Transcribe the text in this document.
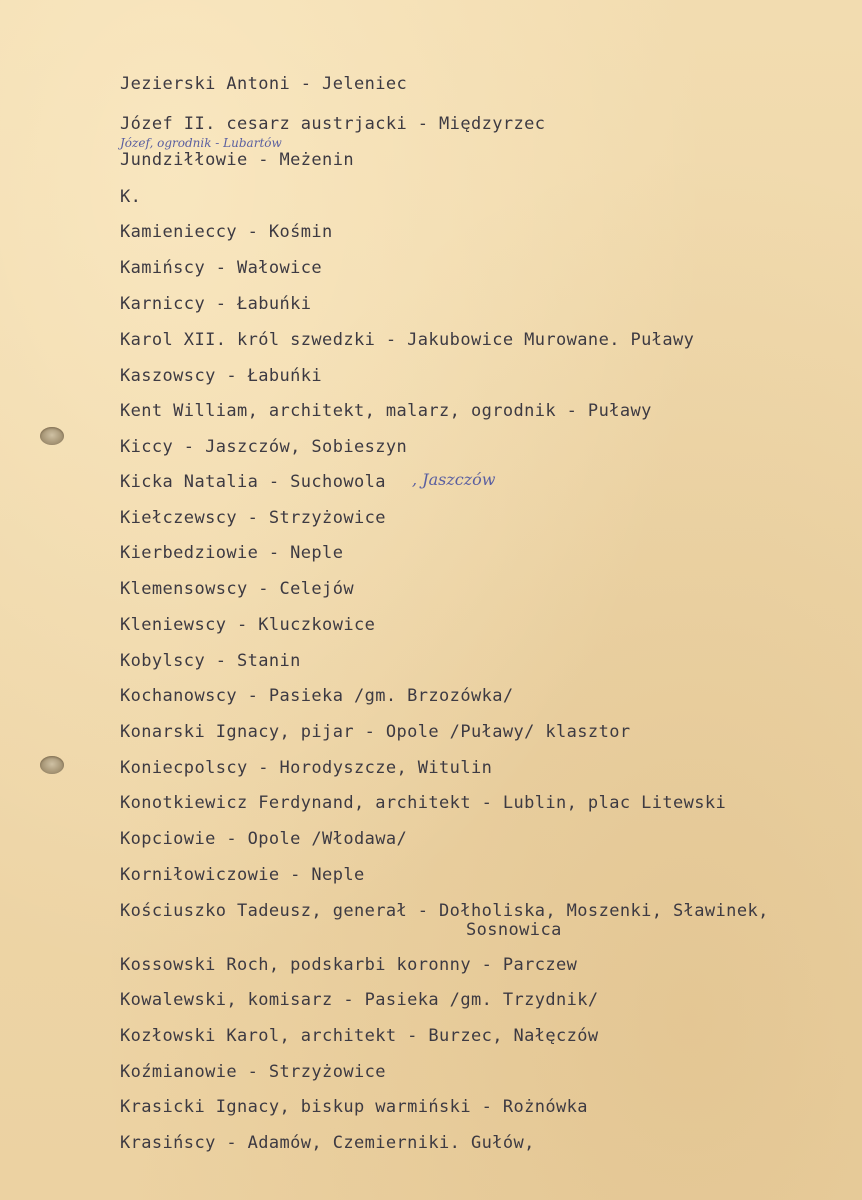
Jezierski Antoni - Jeleniec
Józef II. cesarz austrjacki - Międzyrzec
Józef, ogrodnik - Lubartów
Jundziłłowie - Meżenin
K.
Kamienieccy - Kośmin
Kamińscy - Wałowice
Karniccy - Łabuńki
Karol XII. król szwedzki - Jakubowice Murowane. Puławy
Kaszowscy - Łabuńki
Kent William, architekt, malarz, ogrodnik - Puławy
Kiccy - Jaszczów, Sobieszyn
Kicka Natalia - Suchowola , Jaszczów
Kiełczewscy - Strzyżowice
Kierbedziowie - Neple
Klemensowscy - Celejów
Kleniewscy - Kluczkowice
Kobylscy - Stanin
Kochanowscy - Pasieka /gm. Brzozówka/
Konarski Ignacy, pijar - Opole /Puławy/ klasztor
Koniecpolscy - Horodyszcze, Witulin
Konotkiewicz Ferdynand, architekt - Lublin, plac Litewski
Kopciowie - Opole /Włodawa/
Korniłowiczowie - Neple
Kościuszko Tadeusz, generał - Dołholiska, Moszenki, Sławinek,
Sosnowica
Kossowski Roch, podskarbi koronny - Parczew
Kowalewski, komisarz - Pasieka /gm. Trzydnik/
Kozłowski Karol, architekt - Burzec, Nałęczów
Koźmianowie - Strzyżowice
Krasicki Ignacy, biskup warmiński - Rożnówka
Krasińscy - Adamów, Czemierniki. Gułów,
